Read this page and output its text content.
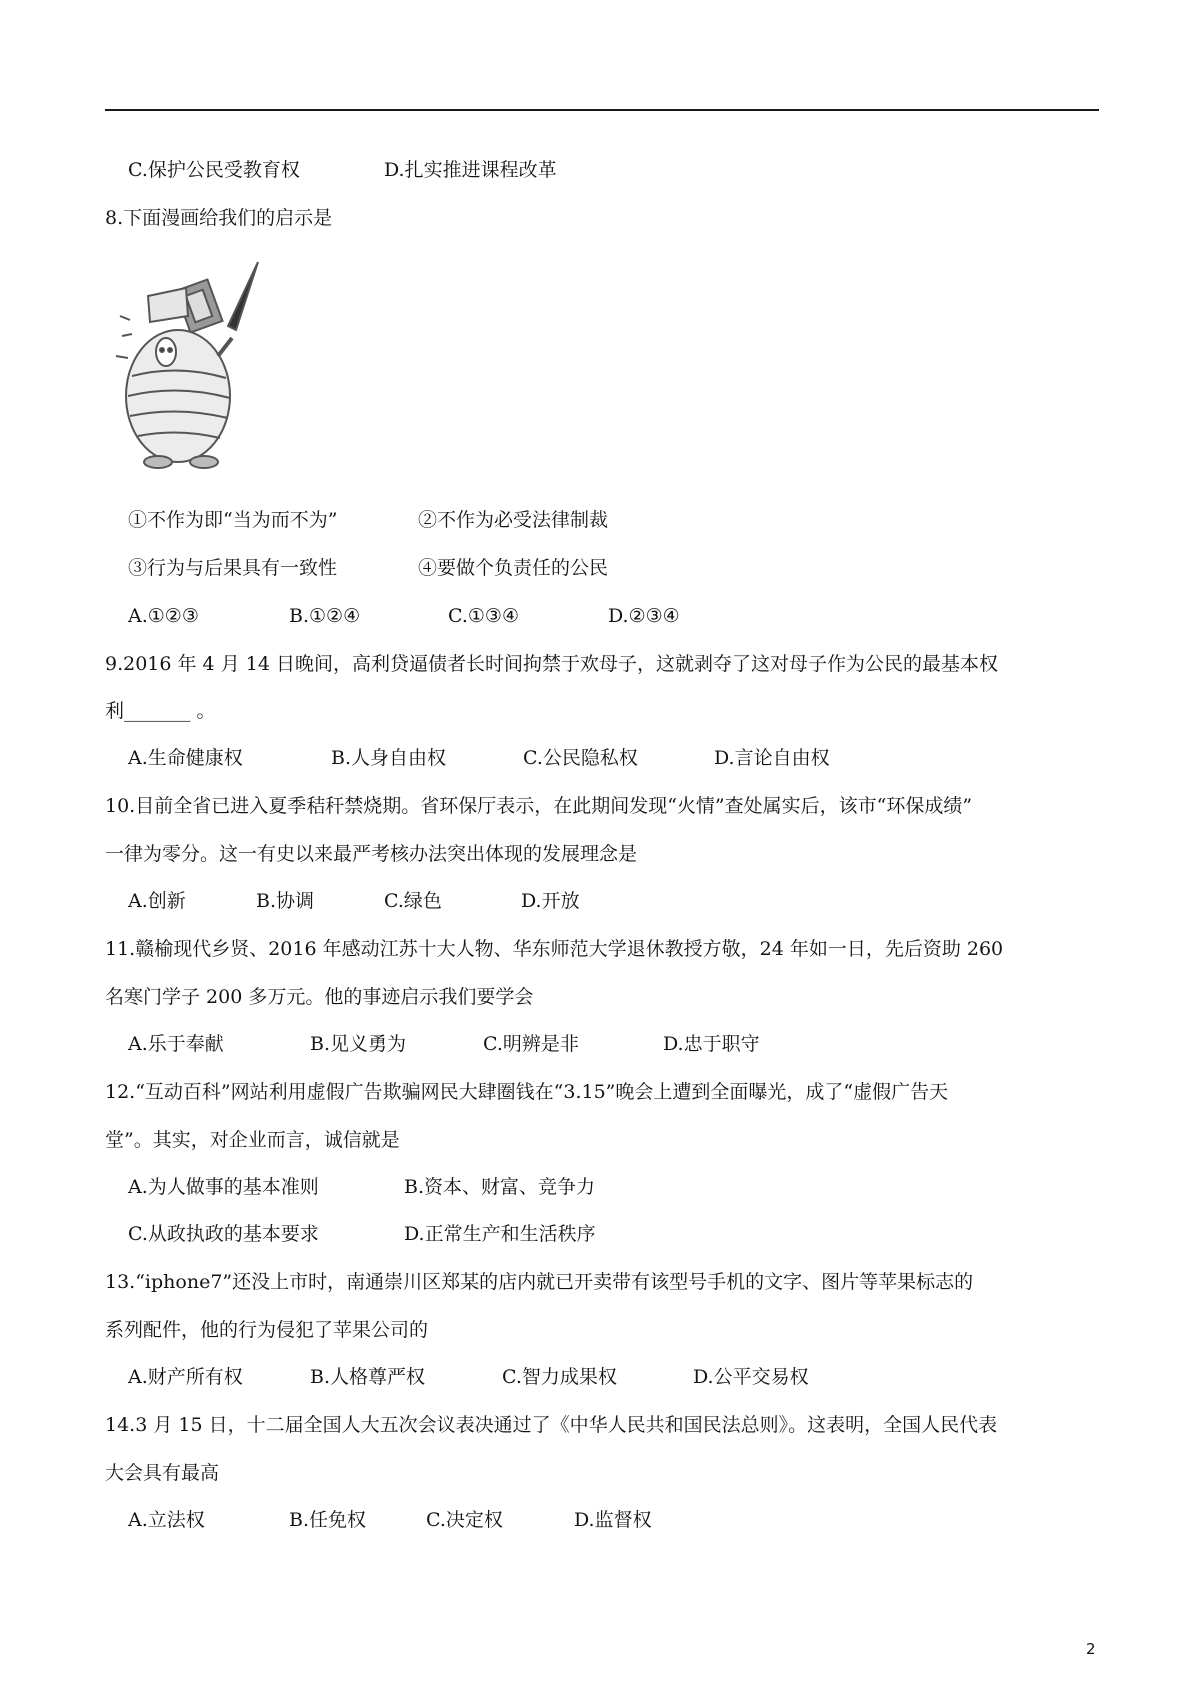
C.保护公民受教育权	D.扎实推进课程改革
8.下面漫画给我们的启示是
①不作为即“当为而不为”	②不作为必受法律制裁
③行为与后果具有一致性	④要做个负责任的公民
A.①②③	B.①②④	C.①③④	D.②③④
9.2016 年 4 月 14 日晚间，高利贷逼债者长时间拘禁于欢母子，这就剥夺了这对母子作为公民的最基本权
利_______ 。
A.生命健康权	B.人身自由权	C.公民隐私权	D.言论自由权
10.目前全省已进入夏季秸秆禁烧期。省环保厅表示，在此期间发现“火情”查处属实后，该市“环保成绩”
一律为零分。这一有史以来最严考核办法突出体现的发展理念是
A.创新	B.协调	C.绿色	D.开放
11.赣榆现代乡贤、2016 年感动江苏十大人物、华东师范大学退休教授方敬，24 年如一日，先后资助 260
名寒门学子 200 多万元。他的事迹启示我们要学会
A.乐于奉献	B.见义勇为	C.明辨是非	D.忠于职守
12.“互动百科”网站利用虚假广告欺骗网民大肆圈钱在“3.15”晚会上遭到全面曝光，成了“虚假广告天
堂”。其实，对企业而言，诚信就是
A.为人做事的基本准则	B.资本、财富、竞争力
C.从政执政的基本要求	D.正常生产和生活秩序
13.“iphone7”还没上市时，南通崇川区郑某的店内就已开卖带有该型号手机的文字、图片等苹果标志的
系列配件，他的行为侵犯了苹果公司的
A.财产所有权	B.人格尊严权	C.智力成果权	D.公平交易权
14.3 月 15 日，十二届全国人大五次会议表决通过了《中华人民共和国民法总则》。这表明，全国人民代表
大会具有最高
A.立法权	B.任免权	C.决定权	D.监督权
2
